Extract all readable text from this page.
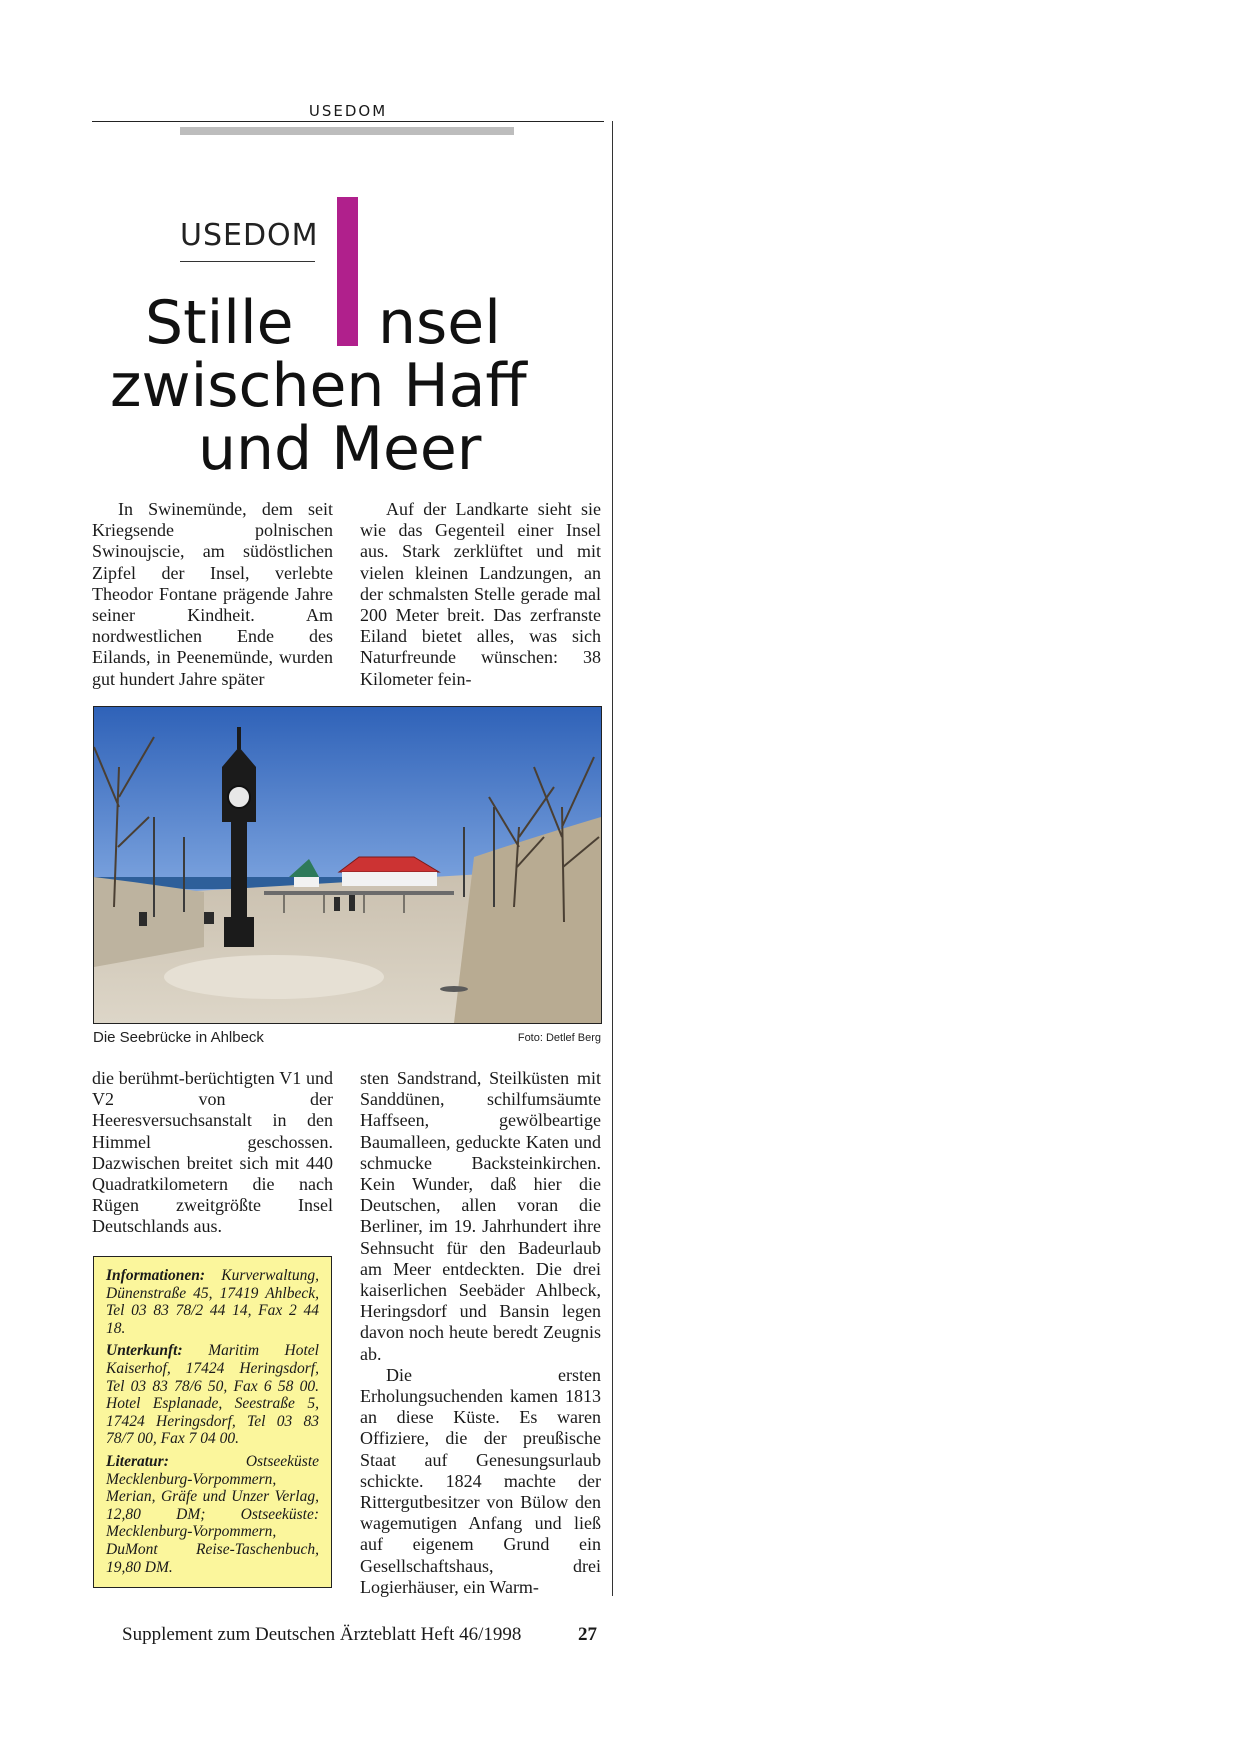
USEDOM
USEDOM
Stille nsel
zwischen Haff
und Meer

In Swinemünde, dem seit Kriegsende polnischen Swinoujscie, am südöstlichen Zipfel der Insel, verlebte Theodor Fontane prägende Jahre seiner Kindheit. Am nordwestlichen Ende des Eilands, in Peenemünde, wurden gut hundert Jahre später

Auf der Landkarte sieht sie wie das Gegenteil einer Insel aus. Stark zerklüftet und mit vielen kleinen Landzungen, an der schmalsten Stelle gerade mal 200 Meter breit. Das zerfranste Eiland bietet alles, was sich Naturfreunde wünschen: 38 Kilometer fein-

Die Seebrücke in Ahlbeck	Foto: Detlef Berg

die berühmt-berüchtigten V1 und V2 von der Heeresversuchsanstalt in den Himmel geschossen. Dazwischen breitet sich mit 440 Quadratkilometern die nach Rügen zweitgrößte Insel Deutschlands aus.

sten Sandstrand, Steilküsten mit Sanddünen, schilfumsäumte Haffseen, gewölbeartige Baumalleen, geduckte Katen und schmucke Backsteinkirchen. Kein Wunder, daß hier die Deutschen, allen voran die Berliner, im 19. Jahrhundert ihre Sehnsucht für den Badeurlaub am Meer entdeckten. Die drei kaiserlichen Seebäder Ahlbeck, Heringsdorf und Bansin legen davon noch heute beredt Zeugnis ab.

Die ersten Erholungsuchenden kamen 1813 an diese Küste. Es waren Offiziere, die der preußische Staat auf Genesungsurlaub schickte. 1824 machte der Rittergutbesitzer von Bülow den wagemutigen Anfang und ließ auf eigenem Grund ein Gesellschaftshaus, drei Logierhäuser, ein Warm-

Informationen: Kurverwaltung, Dünenstraße 45, 17419 Ahlbeck, Tel 03 83 78/2 44 14, Fax 2 44 18.

Unterkunft: Maritim Hotel Kaiserhof, 17424 Heringsdorf, Tel 03 83 78/6 50, Fax 6 58 00. Hotel Esplanade, Seestraße 5, 17424 Heringsdorf, Tel 03 83 78/7 00, Fax 7 04 00.

Literatur:	Ostseeküste Mecklenburg-Vorpommern, Merian, Gräfe und Unzer Verlag, 12,80 DM; Ostseeküste: Mecklenburg-Vorpommern, DuMont Reise-Taschenbuch, 19,80 DM.

Supplement zum Deutschen Ärzteblatt Heft 46/1998	27
